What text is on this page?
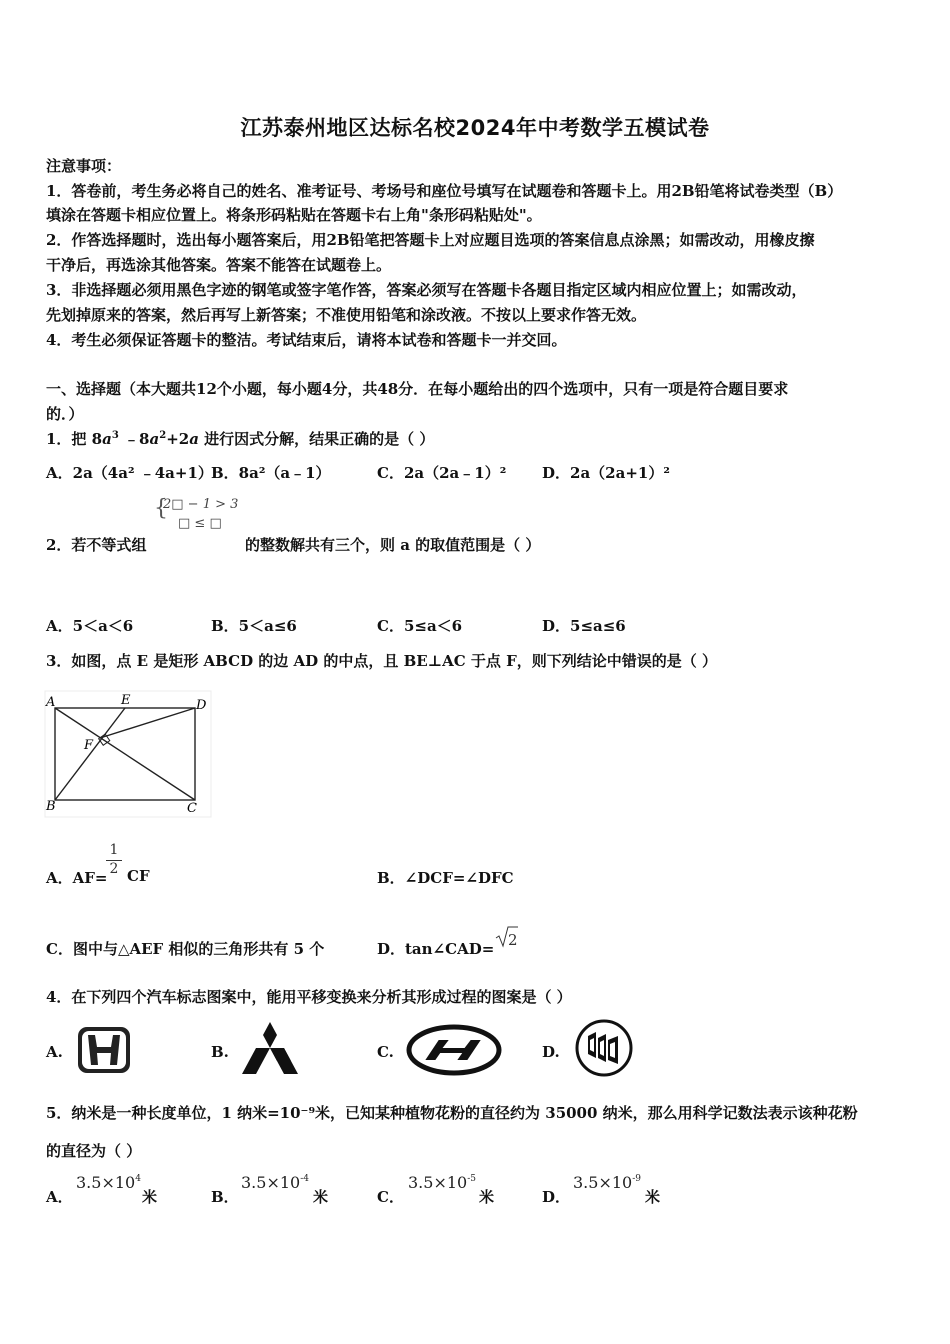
江苏泰州地区达标名校2024年中考数学五模试卷
注意事项：
1．答卷前，考生务必将自己的姓名、准考证号、考场号和座位号填写在试题卷和答题卡上。用2B铅笔将试卷类型（B）
填涂在答题卡相应位置上。将条形码粘贴在答题卡右上角"条形码粘贴处"。
2．作答选择题时，选出每小题答案后，用2B铅笔把答题卡上对应题目选项的答案信息点涂黑；如需改动，用橡皮擦
干净后，再选涂其他答案。答案不能答在试题卷上。
3．非选择题必须用黑色字迹的钢笔或签字笔作答，答案必须写在答题卡各题目指定区域内相应位置上；如需改动，
先划掉原来的答案，然后再写上新答案；不准使用铅笔和涂改液。不按以上要求作答无效。
4．考生必须保证答题卡的整洁。考试结束后，请将本试卷和答题卡一并交回。
一、选择题（本大题共12个小题，每小题4分，共48分．在每小题给出的四个选项中，只有一项是符合题目要求
的．）
1．把 $8a^3$ $﹣8a^2+2a$ 进行因式分解，结果正确的是（ ）
A．2a（4a² ﹣4a+1）
B．8a²（a﹣1）	C．2a（2a﹣1）² D．2a（2a+1）²
{
2□ − 1 > 3
□ ≤ □
2．若不等式组	的整数解共有三个，则 a 的取值范围是（ ）
A．5＜a＜6	B．5＜a≤6	C．5≤a＜6	D．5≤a≤6
3．如图，点 E 是矩形 ABCD 的边 AD 的中点，且 BE⊥AC 于点 F，则下列结论中错误的是（ ）
A	E	D
F
B	C
A．AF=
1
2 CF	B．∠DCF=∠DFC
C．图中与△AEF 相似的三角形共有 5 个	D．tan∠CAD= 2
4．在下列四个汽车标志图案中，能用平移变换来分析其形成过程的图案是（ ）
A.	B.	C.	D.
5．纳米是一种长度单位，1 纳米=10⁻⁹米，已知某种植物花粉的直径约为 35000 纳米，那么用科学记数法表示该种花粉
的直径为（ ）
A．
$3.5\times 10^4$
米	B．
$3.5\times 10^{-4}$
米	C．
$3.5\times 10^{-5}$
米	D．
$3.5\times 10^{-9}$
米
